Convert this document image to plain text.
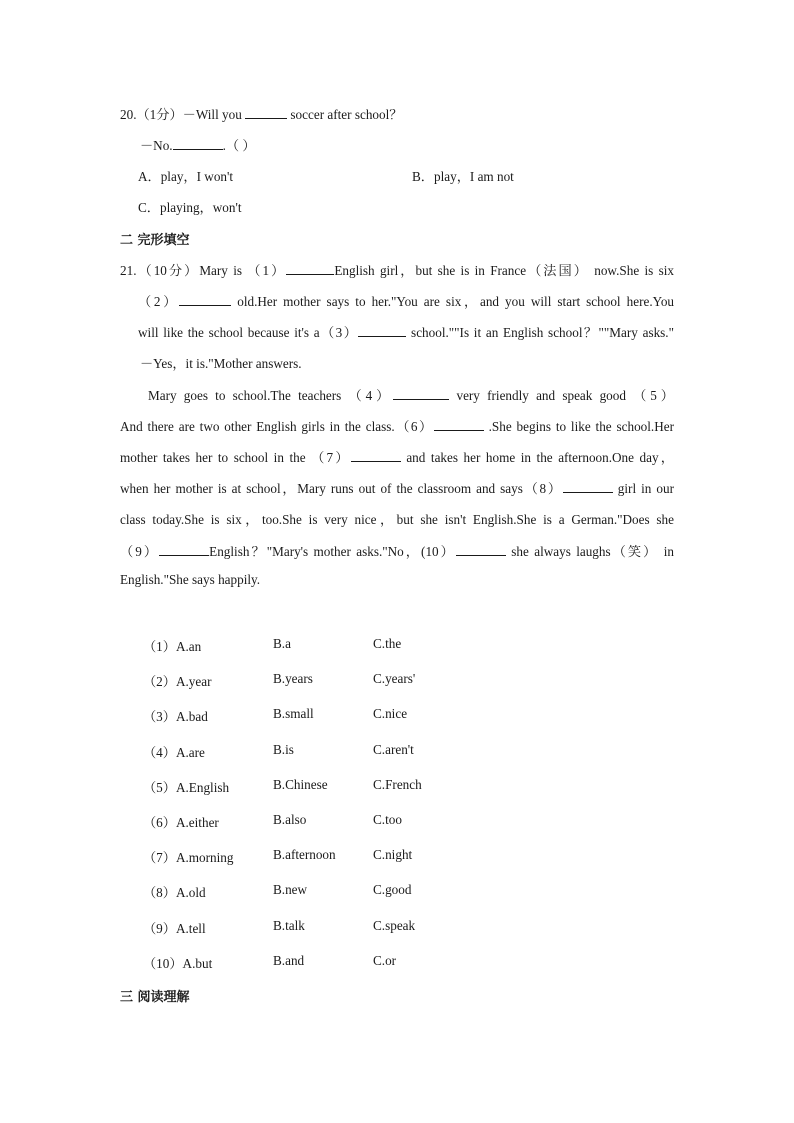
20.（1分）－Will you	soccer after school？
－No.	.（ ）
A．play，I won't	B．play，I am not
C．playing，won't
二 完形填空
21.（10分）Mary is （1）	English girl，but she is in France（法国） now.She is six
（2）	old.Her mother says to her."You are six，and you will start school here.You
will like the school because it's a（3）	school.""Is it an English school？""Mary asks."
－Yes，it is."Mother answers.
Mary goes to school.The teachers （4）	very friendly and speak good （5）
And there are two other English girls in the class.（6）	.She begins to like the school.Her
mother takes her to school in the （7）	and takes her home in the afternoon.One day，
when her mother is at school，Mary runs out of the classroom and says（8）	girl in our
class today.She is six，too.She is very nice，but she isn't English.She is a German."Does she
（9）	English？"Mary's mother asks."No，(10）	she always laughs（笑） in
English."She says happily.
（1）A.an	B.a	C.the
（2）A.year	B.years	C.years'
（3）A.bad	B.small	C.nice
（4）A.are	B.is	C.aren't
（5）A.English	B.Chinese	C.French
（6）A.either	B.also	C.too
（7）A.morning	B.afternoon	C.night
（8）A.old	B.new	C.good
（9）A.tell	B.talk	C.speak
（10）A.but	B.and	C.or
三 阅读理解
